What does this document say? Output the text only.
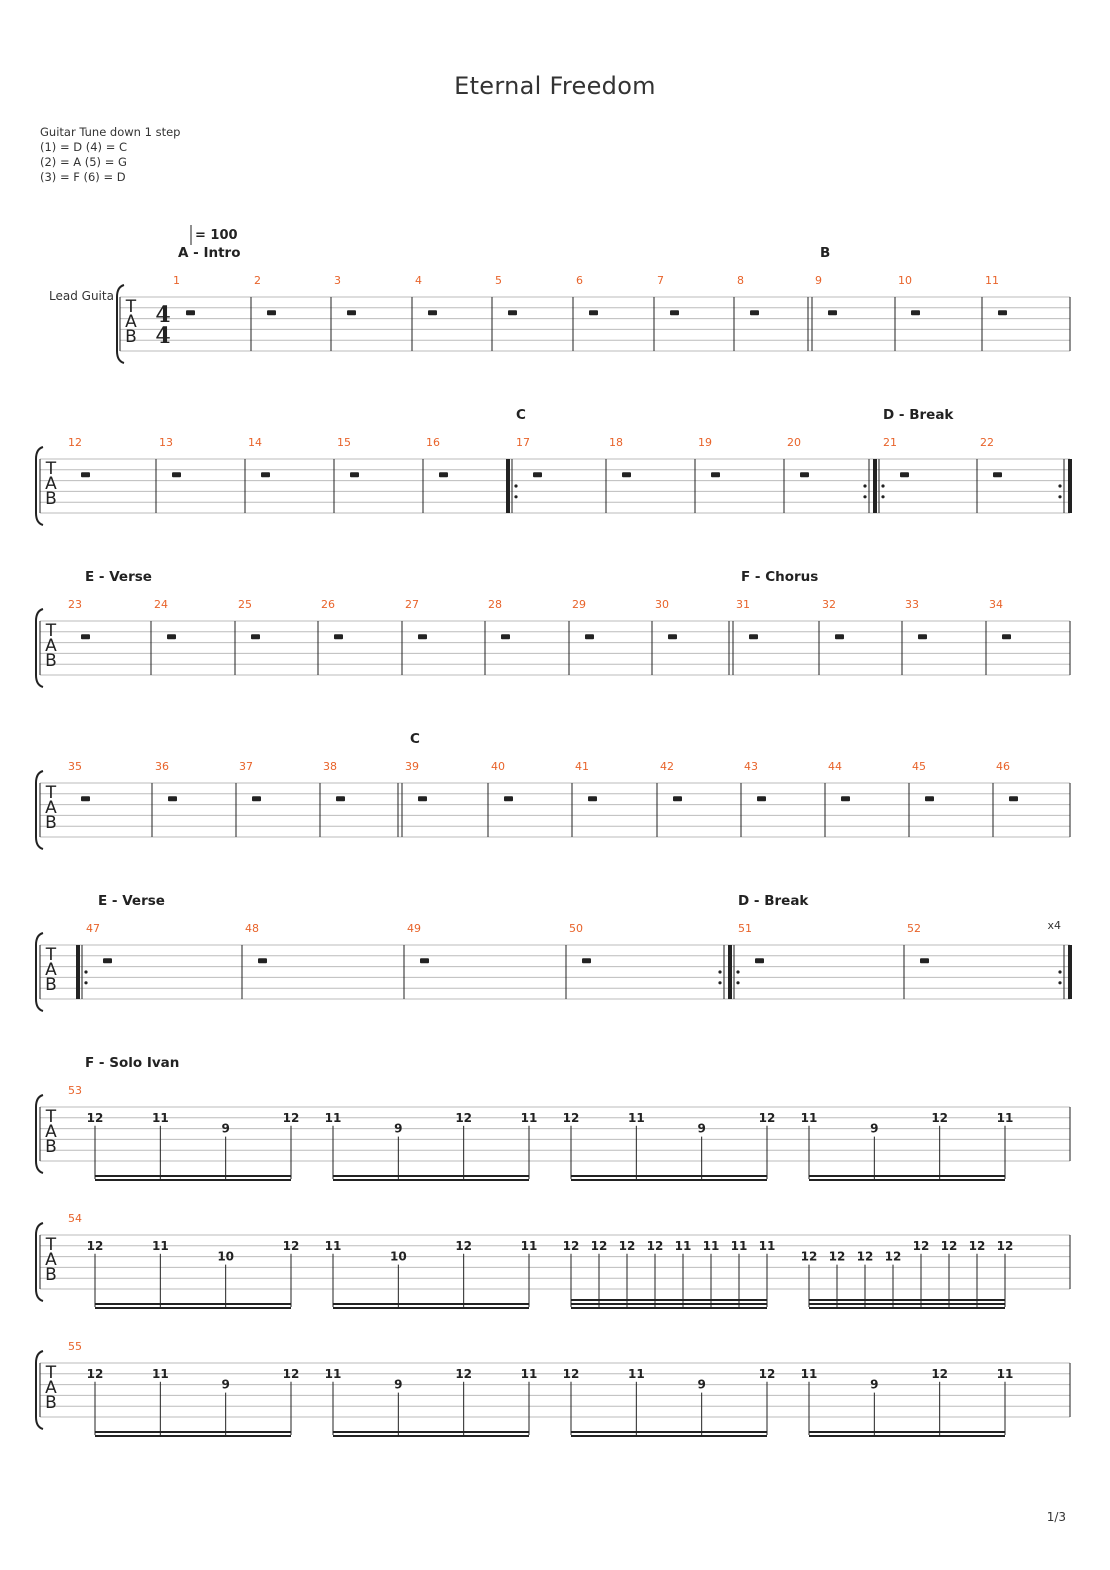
Eternal Freedom
Guitar Tune down 1 step
(1) = D (4) = C
(2) = A (5) = G
(3) = F (6) = D
T
A
B
4
4
Lead Guita
= 100
1	2	3	4	5	6	7	8	9	10	11
A - Intro	B
T
A
B
12	13	14	15	16	17	18	19	20	21	22
C	D - Break
T
A
B
23	24	25	26	27	28	29	30	31	32	33	34
E - Verse	F - Chorus
T
A
B
35	36	37	38	39	40	41	42	43	44	45	46
C
T
A
B
x4
47	48	49	50	51	52
E - Verse	D - Break
T
A
B
53
12	11
9
12 11
9
12	11 12	11
9
12 11
9
12	11
F - Solo Ivan
T
A
B
54
12	11
10
12 11
10
12	11 12 12 12 12 11 11 11 11
12 12 12 12
12 12 12 12
T
A
B
55
12	11
9
12 11
9
12	11 12	11
9
12 11
9
12	11
1/3
